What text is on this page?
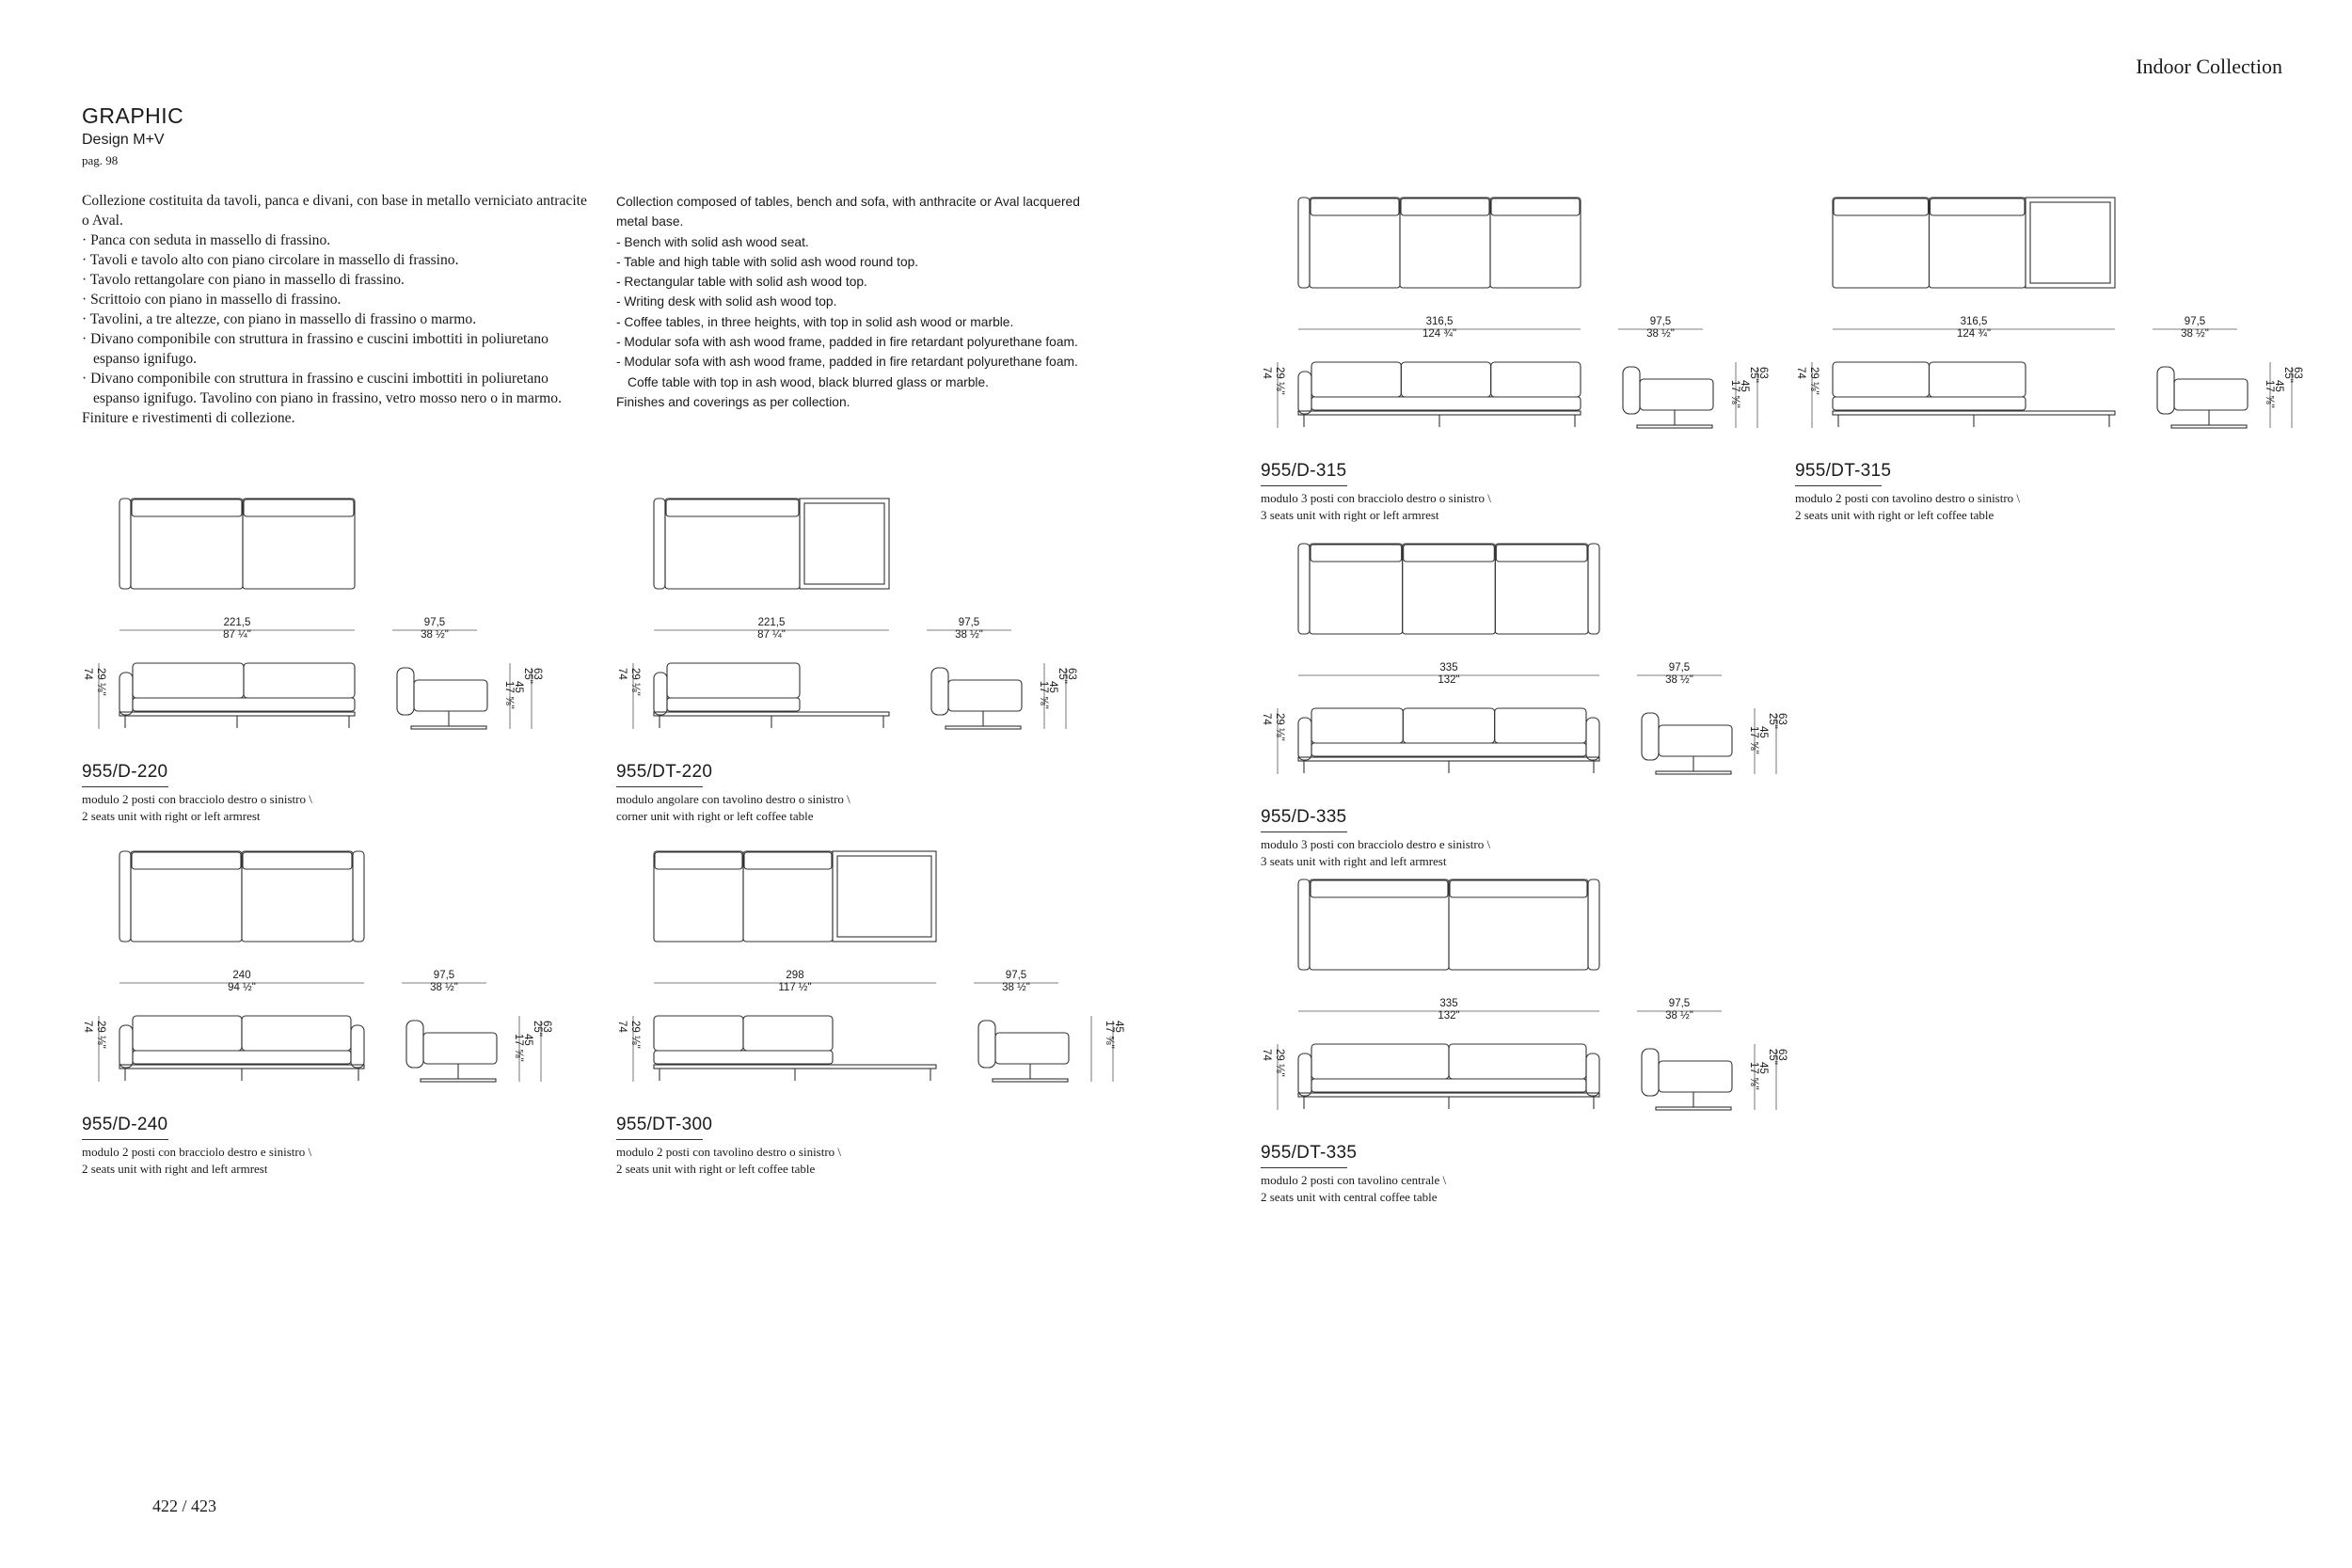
Indoor Collection
GRAPHIC
Design M+V
pag. 98
Collezione costituita da tavoli, panca e divani, con base in metallo verniciato antracite o Aval.
· Panca con seduta in massello di frassino.
· Tavoli e tavolo alto con piano circolare in massello di frassino.
· Tavolo rettangolare con piano in massello di frassino.
· Scrittoio con piano in massello di frassino.
· Tavolini, a tre altezze, con piano in massello di frassino o marmo.
· Divano componibile con struttura in frassino e cuscini imbottiti in poliuretano espanso ignifugo.
· Divano componibile con struttura in frassino e cuscini imbottiti in poliuretano espanso ignifugo. Tavolino con piano in frassino, vetro mosso nero o in marmo.
Finiture e rivestimenti di collezione.
Collection composed of tables, bench and sofa, with anthracite or Aval lacquered metal base.
- Bench with solid ash wood seat.
- Table and high table with solid ash wood round top.
- Rectangular table with solid ash wood top.
- Writing desk with solid ash wood top.
- Coffee tables, in three heights, with top in solid ash wood or marble.
- Modular sofa with ash wood frame, padded in fire retardant polyurethane foam.
- Modular sofa with ash wood frame, padded in fire retardant polyurethane foam. Coffe table with top in ash wood, black blurred glass or marble.
Finishes and coverings as per collection.
221,5
87 ¼"
97,5
38 ½"
74 29 ⅛"	63
25"
45
17 ⅝"
955/D-220
modulo 2 posti con bracciolo destro o sinistro \
2 seats unit with right or left armrest
221,5
87 ¼"
97,5
38 ½"
74 29 ⅛"	63
25"
45
17 ⅝"
955/DT-220
modulo angolare con tavolino destro o sinistro \
corner unit with right or left coffee table
240
94 ½"
97,5
38 ½"
74 29 ⅛"	63
25"
45
17 ⅝"
955/D-240
modulo 2 posti con bracciolo destro e sinistro \
2 seats unit with right and left armrest
298
117 ½"
97,5
38 ½"
74 29 ⅛"	45
17 ⅝"
955/DT-300
modulo 2 posti con tavolino destro o sinistro \
2 seats unit with right or left coffee table
316,5
124 ¾"
97,5
38 ½"
74 29 ⅛"	63
25"
45
17 ⅝"
955/D-315
modulo 3 posti con bracciolo destro o sinistro \
3 seats unit with right or left armrest
316,5
124 ¾"
97,5
38 ½"
74 29 ⅛"	63
25"
45
17 ⅝"
955/DT-315
modulo 2 posti con tavolino destro o sinistro \
2 seats unit with right or left coffee table
335
132"
97,5
38 ½"
74 29 ⅛"	63
25"
45
17 ⅝"
955/D-335
modulo 3 posti con bracciolo destro e sinistro \
3 seats unit with right and left armrest
335
132"
97,5
38 ½"
74 29 ⅛"	63
25"
45
17 ⅝"
955/DT-335
modulo 2 posti con tavolino centrale \
2 seats unit with central coffee table
422 / 423
